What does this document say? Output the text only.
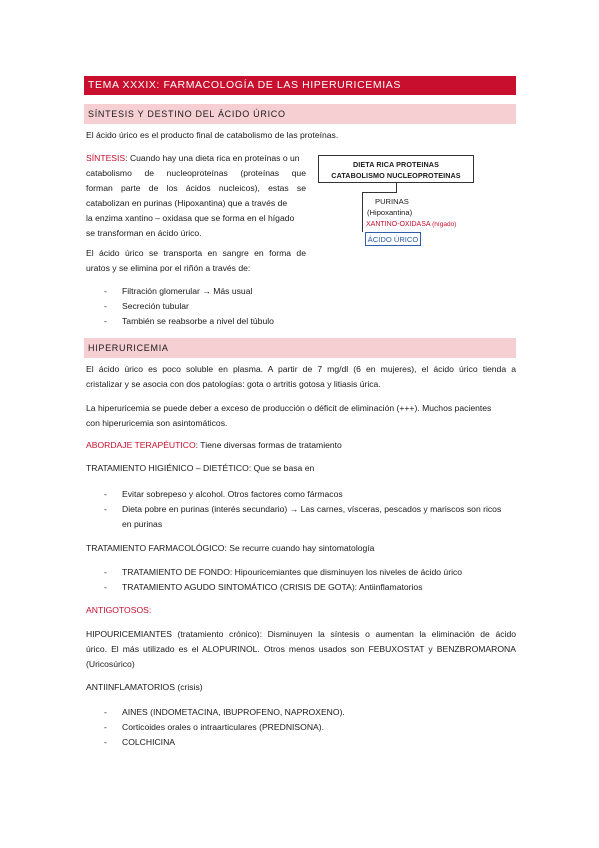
TEMA XXXIX: FARMACOLOGÍA DE LAS HIPERURICEMIAS
SÍNTESIS Y DESTINO DEL ÁCIDO ÚRICO
El ácido úrico es el producto final de catabolismo de las proteínas.
SÍNTESIS: Cuando hay una dieta rica en proteínas o un
catabolismo de nucleoproteínas (proteínas que
forman parte de los ácidos nucleicos), estas se
catabolizan en purinas (Hipoxantina) que a través de
la enzima xantino – oxidasa que se forma en el hígado
se transforman en ácido úrico.
El ácido úrico se transporta en sangre en forma de
uratos y se elimina por el riñón a través de:
- Filtración glomerular → Más usual
- Secreción tubular
- También se reabsorbe a nivel del túbulo
DIETA RICA PROTEINAS
CATABOLISMO NUCLEOPROTEINAS
PURINAS
(Hipoxantina)
XANTINO-OXIDASA (hígado)
ÁCIDO ÚRICO
HIPERURICEMIA
El ácido úrico es poco soluble en plasma. A partir de 7 mg/dl (6 en mujeres), el ácido úrico tienda a
cristalizar y se asocia con dos patologías: gota o artritis gotosa y litiasis úrica.
La hiperuricemia se puede deber a exceso de producción o déficit de eliminación (+++). Muchos pacientes
con hiperuricemia son asintomáticos.
ABORDAJE TERAPÉUTICO: Tiene diversas formas de tratamiento
TRATAMIENTO HIGIÉNICO – DIETÉTICO: Que se basa en
- Evitar sobrepeso y alcohol. Otros factores como fármacos
- Dieta pobre en purinas (interés secundario) → Las carnes, vísceras, pescados y mariscos son ricos
en purinas
TRATAMIENTO FARMACOLÓGICO: Se recurre cuando hay sintomatología
- TRATAMIENTO DE FONDO: Hipouricemiantes que disminuyen los niveles de ácido úrico
- TRATAMIENTO AGUDO SINTOMÁTICO (CRISIS DE GOTA): Antiinflamatorios
ANTIGOTOSOS:
HIPOURICEMIANTES (tratamiento crónico): Disminuyen la síntesis o aumentan la eliminación de ácido
úrico. El más utilizado es el ALOPURINOL. Otros menos usados son FEBUXOSTAT y BENZBROMARONA
(Uricosúrico)
ANTIINFLAMATORIOS (crisis)
- AINES (INDOMETACINA, IBUPROFENO, NAPROXENO).
- Corticoides orales o intraarticulares (PREDNISONA).
- COLCHICINA
